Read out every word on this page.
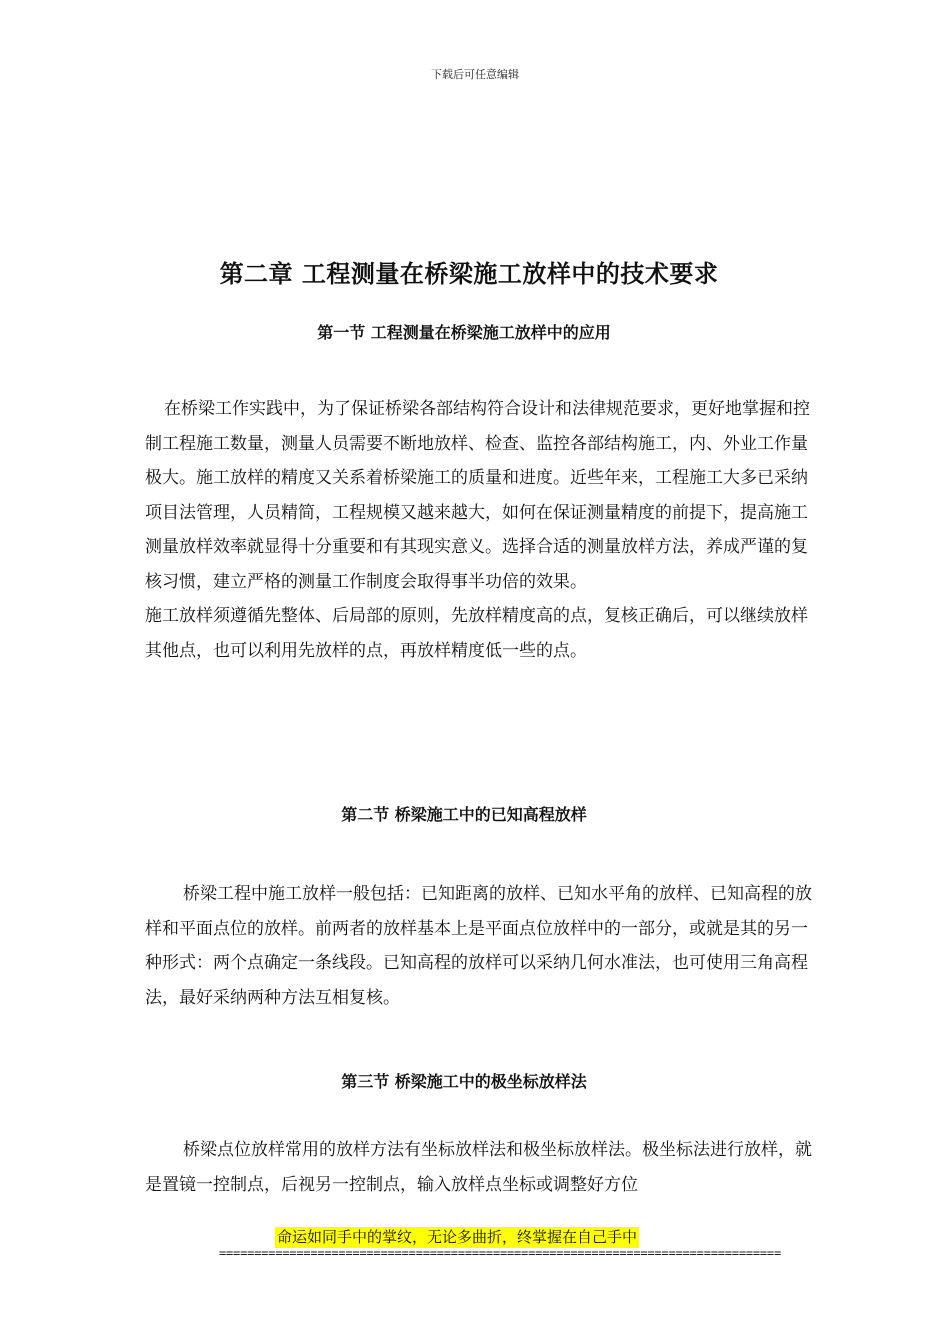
下载后可任意编辑
第二章 工程测量在桥梁施工放样中的技术要求
第一节 工程测量在桥梁施工放样中的应用

在桥梁工作实践中，为了保证桥梁各部结构符合设计和法律规范要求，更好地掌握和控制工程施工数量，测量人员需要不断地放样、检查、监控各部结构施工，内、外业工作量极大。施工放样的精度又关系着桥梁施工的质量和进度。近些年来，工程施工大多已采纳项目法管理，人员精简，工程规模又越来越大，如何在保证测量精度的前提下，提高施工测量放样效率就显得十分重要和有其现实意义。选择合适的测量放样方法，养成严谨的复核习惯，建立严格的测量工作制度会取得事半功倍的效果。

施工放样须遵循先整体、后局部的原则，先放样精度高的点，复核正确后，可以继续放样其他点，也可以利用先放样的点，再放样精度低一些的点。

第二节 桥梁施工中的已知高程放样

桥梁工程中施工放样一般包括：已知距离的放样、已知水平角的放样、已知高程的放样和平面点位的放样。前两者的放样基本上是平面点位放样中的一部分，或就是其的另一种形式：两个点确定一条线段。已知高程的放样可以采纳几何水准法，也可使用三角高程法，最好采纳两种方法互相复核。

第三节 桥梁施工中的极坐标放样法

桥梁点位放样常用的放样方法有坐标放样法和极坐标放样法。极坐标法进行放样，就是置镜一控制点，后视另一控制点，输入放样点坐标或调整好方位

命运如同手中的掌纹，无论多曲折，终掌握在自己手中
================================================================================
